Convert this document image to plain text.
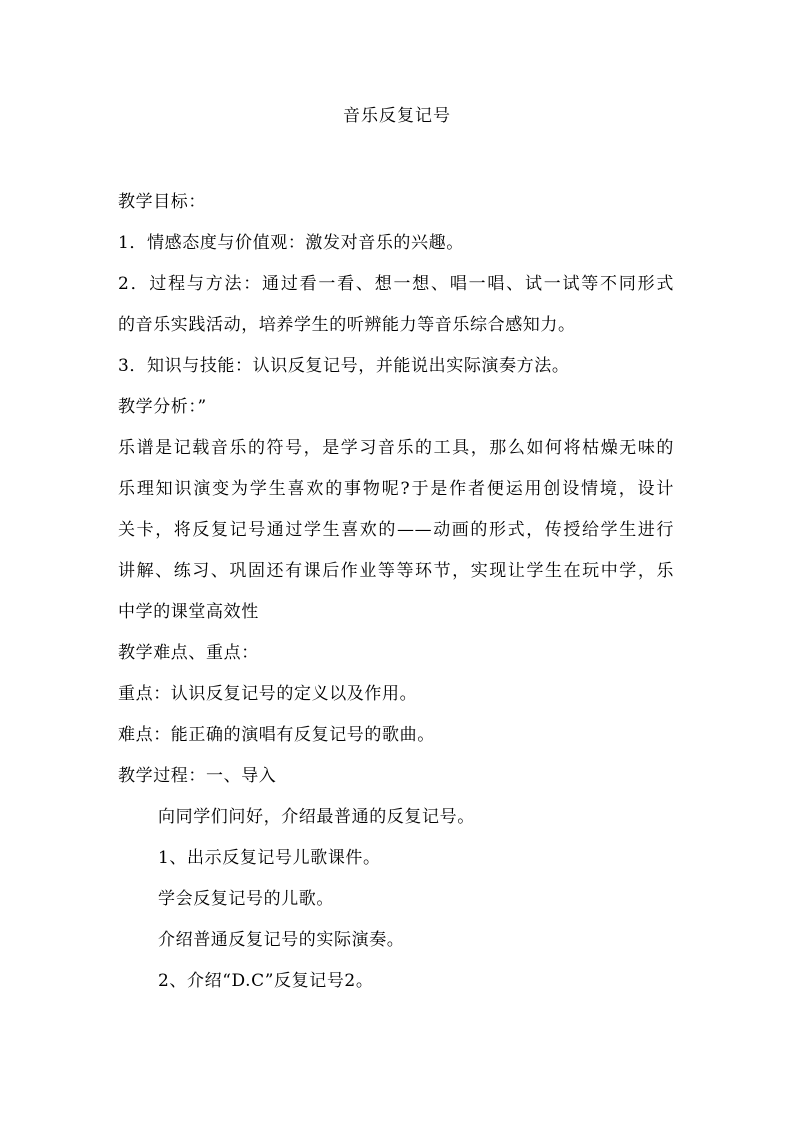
音乐反复记号
教学目标：
1．情感态度与价值观：激发对音乐的兴趣。
2．过程与方法：通过看一看、想一想、唱一唱、试一试等不同形式
的音乐实践活动，培养学生的听辨能力等音乐综合感知力。
3．知识与技能：认识反复记号，并能说出实际演奏方法。
教学分析：”
乐谱是记载音乐的符号，是学习音乐的工具，那么如何将枯燥无味的
乐理知识演变为学生喜欢的事物呢?于是作者便运用创设情境，设计
关卡，将反复记号通过学生喜欢的——动画的形式，传授给学生进行
讲解、练习、巩固还有课后作业等等环节，实现让学生在玩中学，乐
中学的课堂高效性
教学难点、重点：
重点：认识反复记号的定义以及作用。
难点：能正确的演唱有反复记号的歌曲。
教学过程：一、导入
向同学们问好，介绍最普通的反复记号。
1、出示反复记号儿歌课件。
学会反复记号的儿歌。
介绍普通反复记号的实际演奏。
2、介绍“D.C”反复记号2。
